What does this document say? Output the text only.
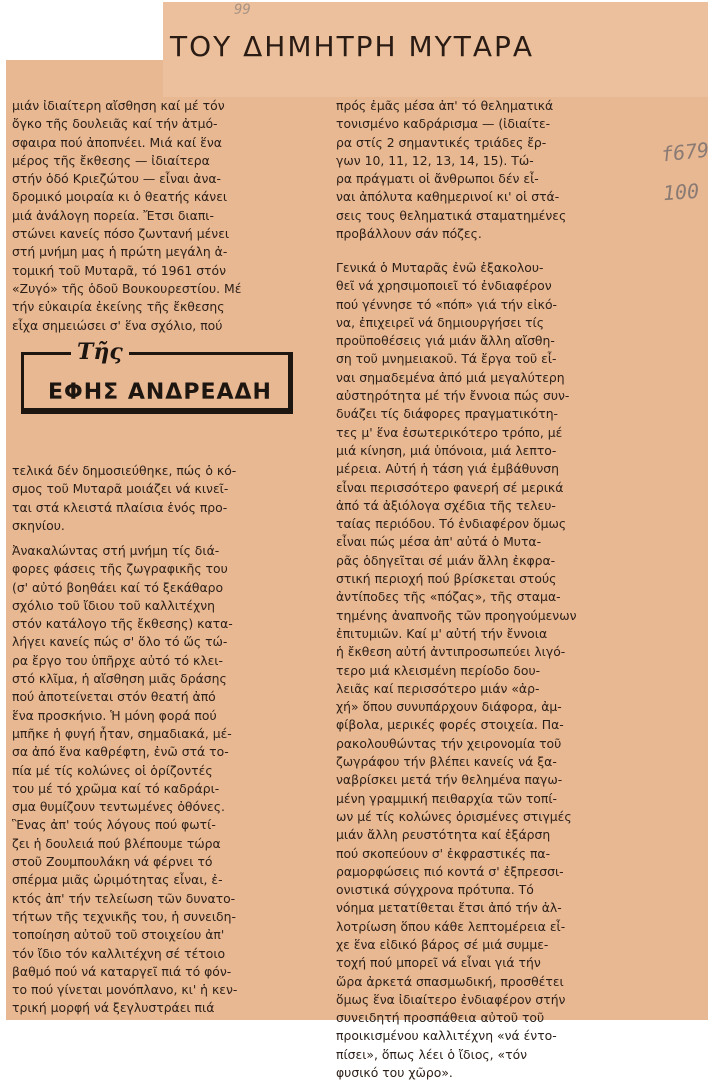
99
ΤΟΥ ΔΗΜΗΤΡΗ ΜΥΤΑΡΑ
μιάν ἰδιαίτερη αἴσθηση καί μέ τόν
ὄγκο τῆς δουλειᾶς καί τήν ἀτμό-
σφαιρα πού ἀποπνέει. Μιά καί ἕνα
μέρος τῆς ἔκθεσης — ἰδιαίτερα
στήν ὁδό Κριεζώτου — εἶναι ἀνα-
δρομικό μοιραία κι ὁ θεατής κάνει
μιά ἀνάλογη πορεία. Ἔτσι διαπι-
στώνει κανείς πόσο ζωντανή μένει
στή μνήμη μας ἡ πρώτη μεγάλη ἀ-
τομική τοῦ Μυταρᾶ, τό 1961 στόν
«Ζυγό» τῆς ὁδοῦ Βουκουρεστίου. Μέ
τήν εὐκαιρία ἐκείνης τῆς ἔκθεσης
εἶχα σημειώσει σ' ἕνα σχόλιο, πού
ΕΦΗΣ ΑΝΔΡΕΑΔΗ
Τῆς
τελικά δέν δημοσιεύθηκε, πώς ὁ κό-
σμος τοῦ Μυταρᾶ μοιάζει νά κινεῖ-
ται στά κλειστά πλαίσια ἑνός προ-
σκηνίου.
Ἀνακαλώντας στή μνήμη τίς διά-
φορες φάσεις τῆς ζωγραφικῆς του
(σ' αὐτό βοηθάει καί τό ξεκάθαρο
σχόλιο τοῦ ἴδιου τοῦ καλλιτέχνη
στόν κατάλογο τῆς ἔκθεσης) κατα-
λήγει κανείς πώς σ' ὅλο τό ὥς τώ-
ρα ἔργο του ὑπῆρχε αὐτό τό κλει-
στό κλῖμα, ἡ αἴσθηση μιᾶς δράσης
πού ἀποτείνεται στόν θεατή ἀπό
ἕνα προσκήνιο. Ἡ μόνη φορά πού
μπῆκε ἡ φυγή ἦταν, σημαδιακά, μέ-
σα ἀπό ἕνα καθρέφτη, ἐνῶ στά το-
πία μέ τίς κολώνες οἱ ὁρίζοντές
του μέ τό χρῶμα καί τό καδράρι-
σμα θυμίζουν τεντωμένες ὀθόνες.
Ἓνας ἀπ' τούς λόγους πού φωτί-
ζει ἡ δουλειά πού βλέπουμε τώρα
στοῦ Ζουμπουλάκη νά φέρνει τό
σπέρμα μιᾶς ὡριμότητας εἶναι, ἐ-
κτός ἀπ' τήν τελείωση τῶν δυνατο-
τήτων τῆς τεχνικῆς του, ἡ συνειδη-
τοποίηση αὐτοῦ τοῦ στοιχείου ἀπ'
τόν ἴδιο τόν καλλιτέχνη σέ τέτοιο
βαθμό πού νά καταργεῖ πιά τό φόν-
το πού γίνεται μονόπλανο, κι' ἡ κεν-
τρική μορφή νά ξεγλυστράει πιά
πρός ἐμᾶς μέσα ἀπ' τό θεληματικά
τονισμένο καδράρισμα — (ἰδιαίτε-
ρα στίς 2 σημαντικές τριάδες ἔρ-
γων 10, 11, 12, 13, 14, 15). Τώ-
ρα πράγματι οἱ ἄνθρωποι δέν εἶ-
ναι ἀπόλυτα καθημερινοί κι' οἱ στά-
σεις τους θεληματικά σταματημένες
προβάλλουν σάν πόζες.
Γενικά ὁ Μυταρᾶς ἐνῶ ἐξακολου-
θεῖ νά χρησιμοποιεῖ τό ἐνδιαφέρον
πού γέννησε τό «πόπ» γιά τήν εἰκό-
να, ἐπιχειρεῖ νά δημιουργήσει τίς
προϋποθέσεις γιά μιάν ἄλλη αἴσθη-
ση τοῦ μνημειακοῦ. Τά ἔργα τοῦ εἶ-
ναι σημαδεμένα ἀπό μιά μεγαλύτερη
αὐστηρότητα μέ τήν ἔννοια πώς συν-
δυάζει τίς διάφορες πραγματικότη-
τες μ' ἕνα ἐσωτερικότερο τρόπο, μέ
μιά κίνηση, μιά ὑπόνοια, μιά λεπτο-
μέρεια. Αὐτή ἡ τάση γιά ἐμβάθυνση
εἶναι περισσότερο φανερή σέ μερικά
ἀπό τά ἀξιόλογα σχέδια τῆς τελευ-
ταίας περιόδου. Τό ἐνδιαφέρον ὅμως
εἶναι πώς μέσα ἀπ' αὐτά ὁ Μυτα-
ρᾶς ὁδηγεῖται σέ μιάν ἄλλη ἐκφρα-
στική περιοχή πού βρίσκεται στούς
ἀντίποδες τῆς «πόζας», τῆς σταμα-
τημένης ἀναπνοῆς τῶν προηγούμενων
ἐπιτυμιῶν. Καί μ' αὐτή τήν ἔννοια
ἡ ἔκθεση αὐτή ἀντιπροσωπεύει λιγό-
τερο μιά κλεισμένη περίοδο δου-
λειᾶς καί περισσότερο μιάν «ἀρ-
χή» ὅπου συνυπάρχουν διάφορα, ἀμ-
φίβολα, μερικές φορές στοιχεία. Πα-
ρακολουθώντας τήν χειρονομία τοῦ
ζωγράφου τήν βλέπει κανείς νά ξα-
ναβρίσκει μετά τήν θελημένα παγω-
μένη γραμμική πειθαρχία τῶν τοπί-
ων μέ τίς κολώνες ὁρισμένες στιγμές
μιάν ἄλλη ρευστότητα καί ἐξάρση
πού σκοπεύουν σ' ἐκφραστικές πα-
ραμορφώσεις πιό κοντά σ' ἐξπρεσσι-
ονιστικά σύγχρονα πρότυπα. Τό
νόημα μετατίθεται ἔτσι ἀπό τήν ἀλ-
λοτρίωση ὅπου κάθε λεπτομέρεια εἶ-
χε ἕνα εἰδικό βάρος σέ μιά συμμε-
τοχή πού μπορεῖ νά εἶναι γιά τήν
ὥρα ἀρκετά σπασμωδική, προσθέτει
ὅμως ἕνα ἰδιαίτερο ἐνδιαφέρον στήν
συνειδητή προσπάθεια αὐτοῦ τοῦ
προικισμένου καλλιτέχνη «νά έντο-
πίσει», ὅπως λέει ὁ ἴδιος, «τόν
φυσικό του χῶρο».
f679
100
